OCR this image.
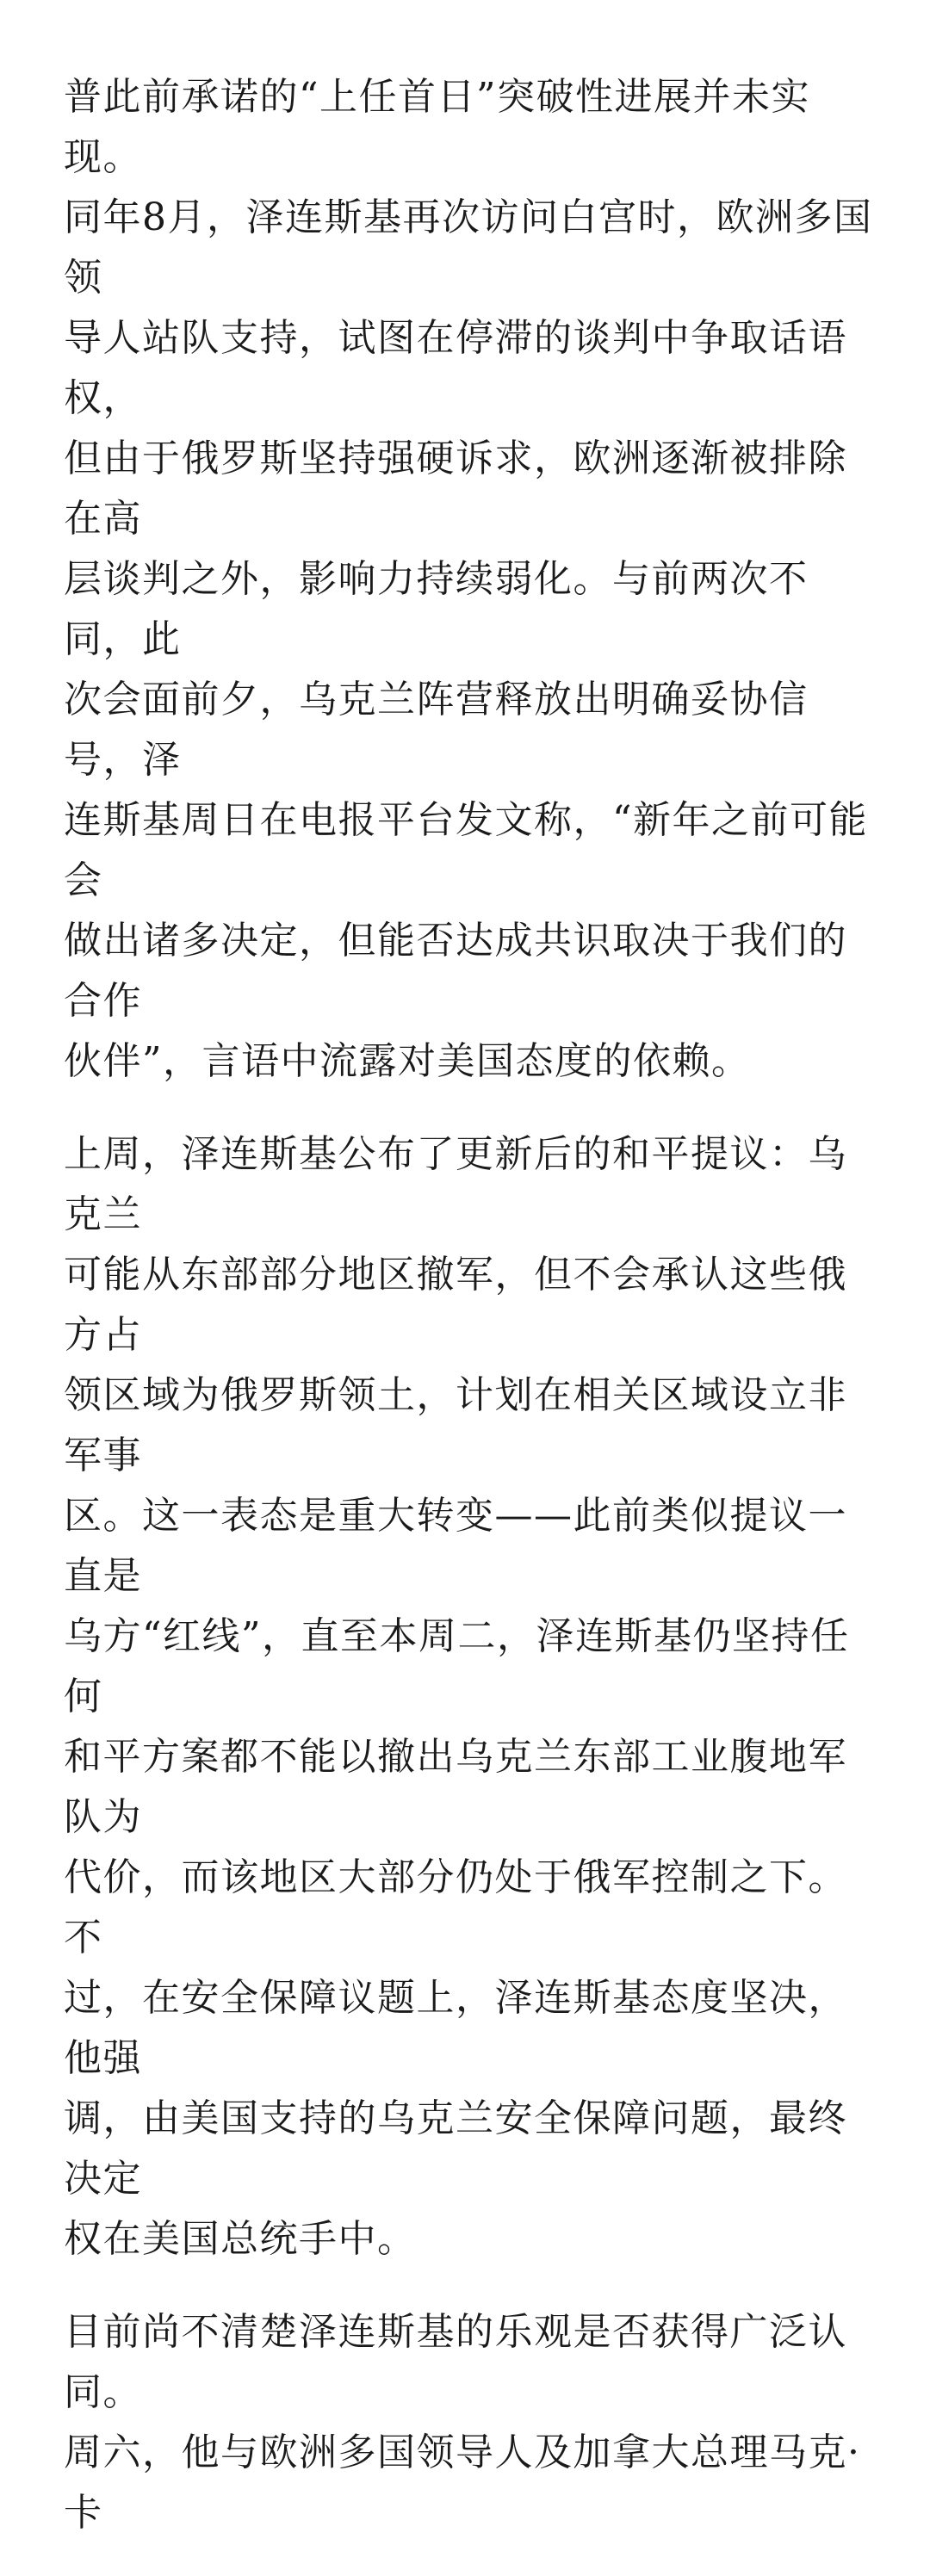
普此前承诺的“上任首日”突破性进展并未实现。
同年8月，泽连斯基再次访问白宫时，欧洲多国领
导人站队支持，试图在停滞的谈判中争取话语权，
但由于俄罗斯坚持强硬诉求，欧洲逐渐被排除在高
层谈判之外，影响力持续弱化。与前两次不同，此
次会面前夕，乌克兰阵营释放出明确妥协信号，泽
连斯基周日在电报平台发文称，“新年之前可能会
做出诸多决定，但能否达成共识取决于我们的合作
伙伴”，言语中流露对美国态度的依赖。

上周，泽连斯基公布了更新后的和平提议：乌克兰
可能从东部部分地区撤军，但不会承认这些俄方占
领区域为俄罗斯领土，计划在相关区域设立非军事
区。这一表态是重大转变——此前类似提议一直是
乌方“红线”，直至本周二，泽连斯基仍坚持任何
和平方案都不能以撤出乌克兰东部工业腹地军队为
代价，而该地区大部分仍处于俄军控制之下。不
过，在安全保障议题上，泽连斯基态度坚决，他强
调，由美国支持的乌克兰安全保障问题，最终决定
权在美国总统手中。

目前尚不清楚泽连斯基的乐观是否获得广泛认同。
周六，他与欧洲多国领导人及加拿大总理马克·卡
